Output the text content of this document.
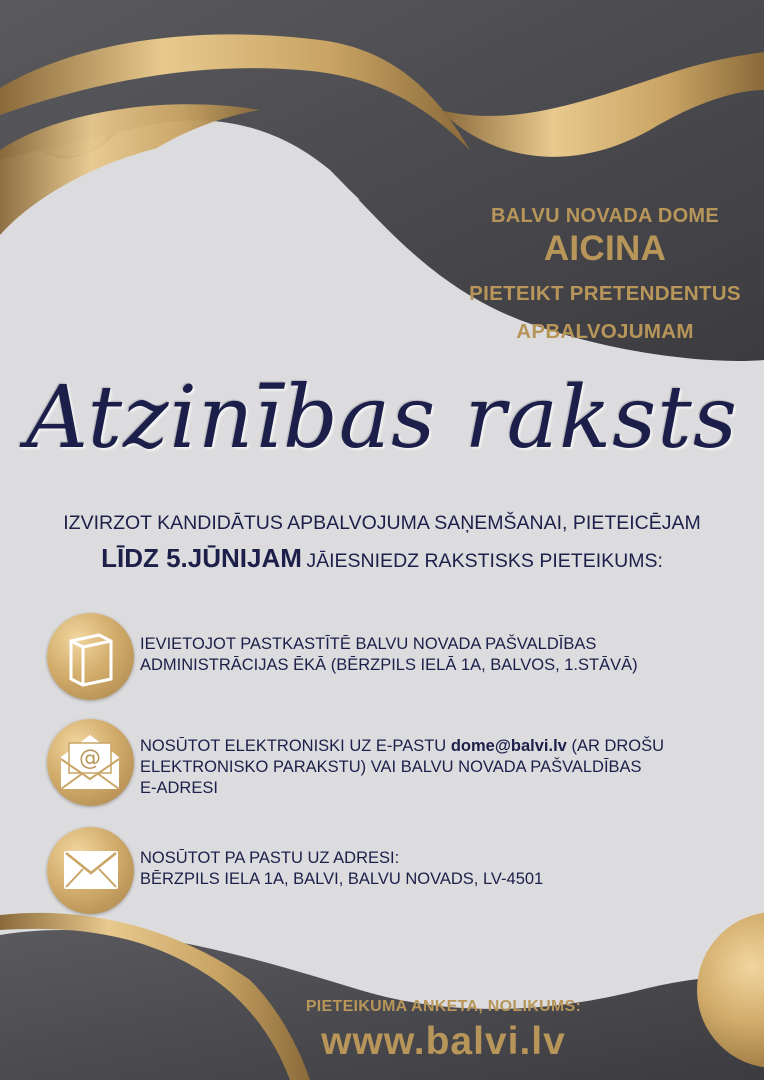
BALVU NOVADA DOME
AICINA
PIETEIKT PRETENDENTUS
APBALVOJUMAM
Atzinības raksts
IZVIRZOT KANDIDĀTUS APBALVOJUMA SAŅEMŠANAI, PIETEICĒJAM
LĪDZ 5.JŪNIJAM JĀIESNIEDZ RAKSTISKS PIETEIKUMS:
IEVIETOJOT PASTKASTĪTĒ BALVU NOVADA PAŠVALDĪBAS
ADMINISTRĀCIJAS ĒKĀ (BĒRZPILS IELĀ 1A, BALVOS, 1.STĀVĀ)
@ NOSŪTOT ELEKTRONISKI UZ E-PASTU dome@balvi.lv (AR DROŠU
ELEKTRONISKO PARAKSTU) VAI BALVU NOVADA PAŠVALDĪBAS
E-ADRESI
NOSŪTOT PA PASTU UZ ADRESI:
BĒRZPILS IELA 1A, BALVI, BALVU NOVADS, LV-4501
PIETEIKUMA ANKETA, NOLIKUMS:
www.balvi.lv
